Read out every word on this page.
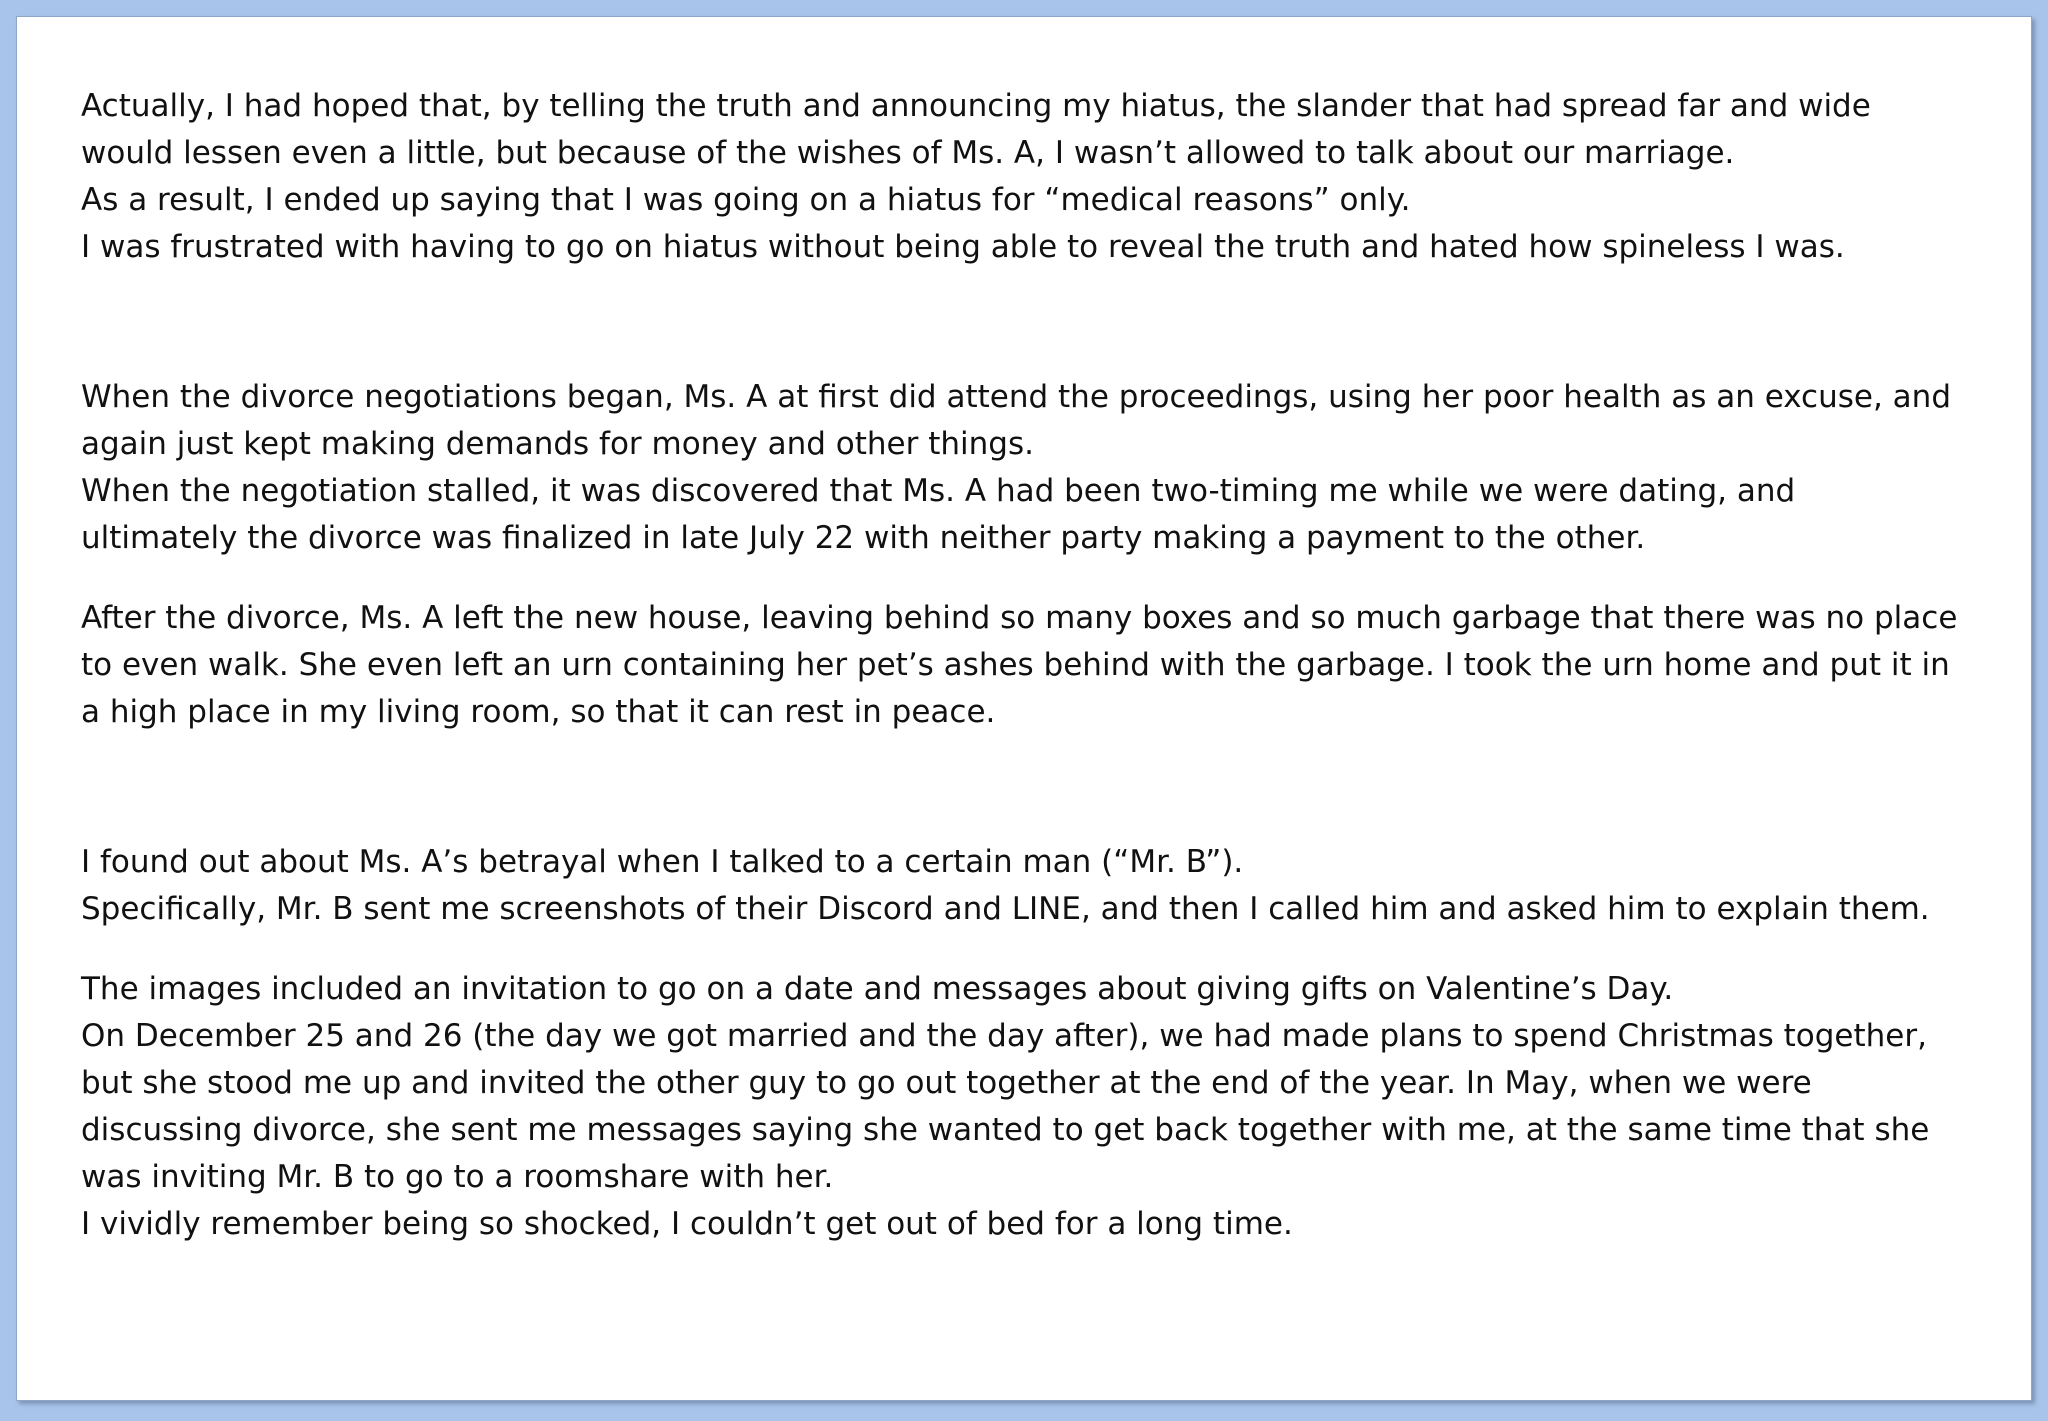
Actually, I had hoped that, by telling the truth and announcing my hiatus, the slander that had spread far and wide
would lessen even a little, but because of the wishes of Ms. A, I wasn’t allowed to talk about our marriage.
As a result, I ended up saying that I was going on a hiatus for “medical reasons” only.
I was frustrated with having to go on hiatus without being able to reveal the truth and hated how spineless I was.
When the divorce negotiations began, Ms. A at first did attend the proceedings, using her poor health as an excuse, and
again just kept making demands for money and other things.
When the negotiation stalled, it was discovered that Ms. A had been two-timing me while we were dating, and
ultimately the divorce was finalized in late July 22 with neither party making a payment to the other.
After the divorce, Ms. A left the new house, leaving behind so many boxes and so much garbage that there was no place
to even walk. She even left an urn containing her pet’s ashes behind with the garbage. I took the urn home and put it in
a high place in my living room, so that it can rest in peace.
I found out about Ms. A’s betrayal when I talked to a certain man (“Mr. B”).
Specifically, Mr. B sent me screenshots of their Discord and LINE, and then I called him and asked him to explain them.
The images included an invitation to go on a date and messages about giving gifts on Valentine’s Day.
On December 25 and 26 (the day we got married and the day after), we had made plans to spend Christmas together,
but she stood me up and invited the other guy to go out together at the end of the year. In May, when we were
discussing divorce, she sent me messages saying she wanted to get back together with me, at the same time that she
was inviting Mr. B to go to a roomshare with her.
I vividly remember being so shocked, I couldn’t get out of bed for a long time.
